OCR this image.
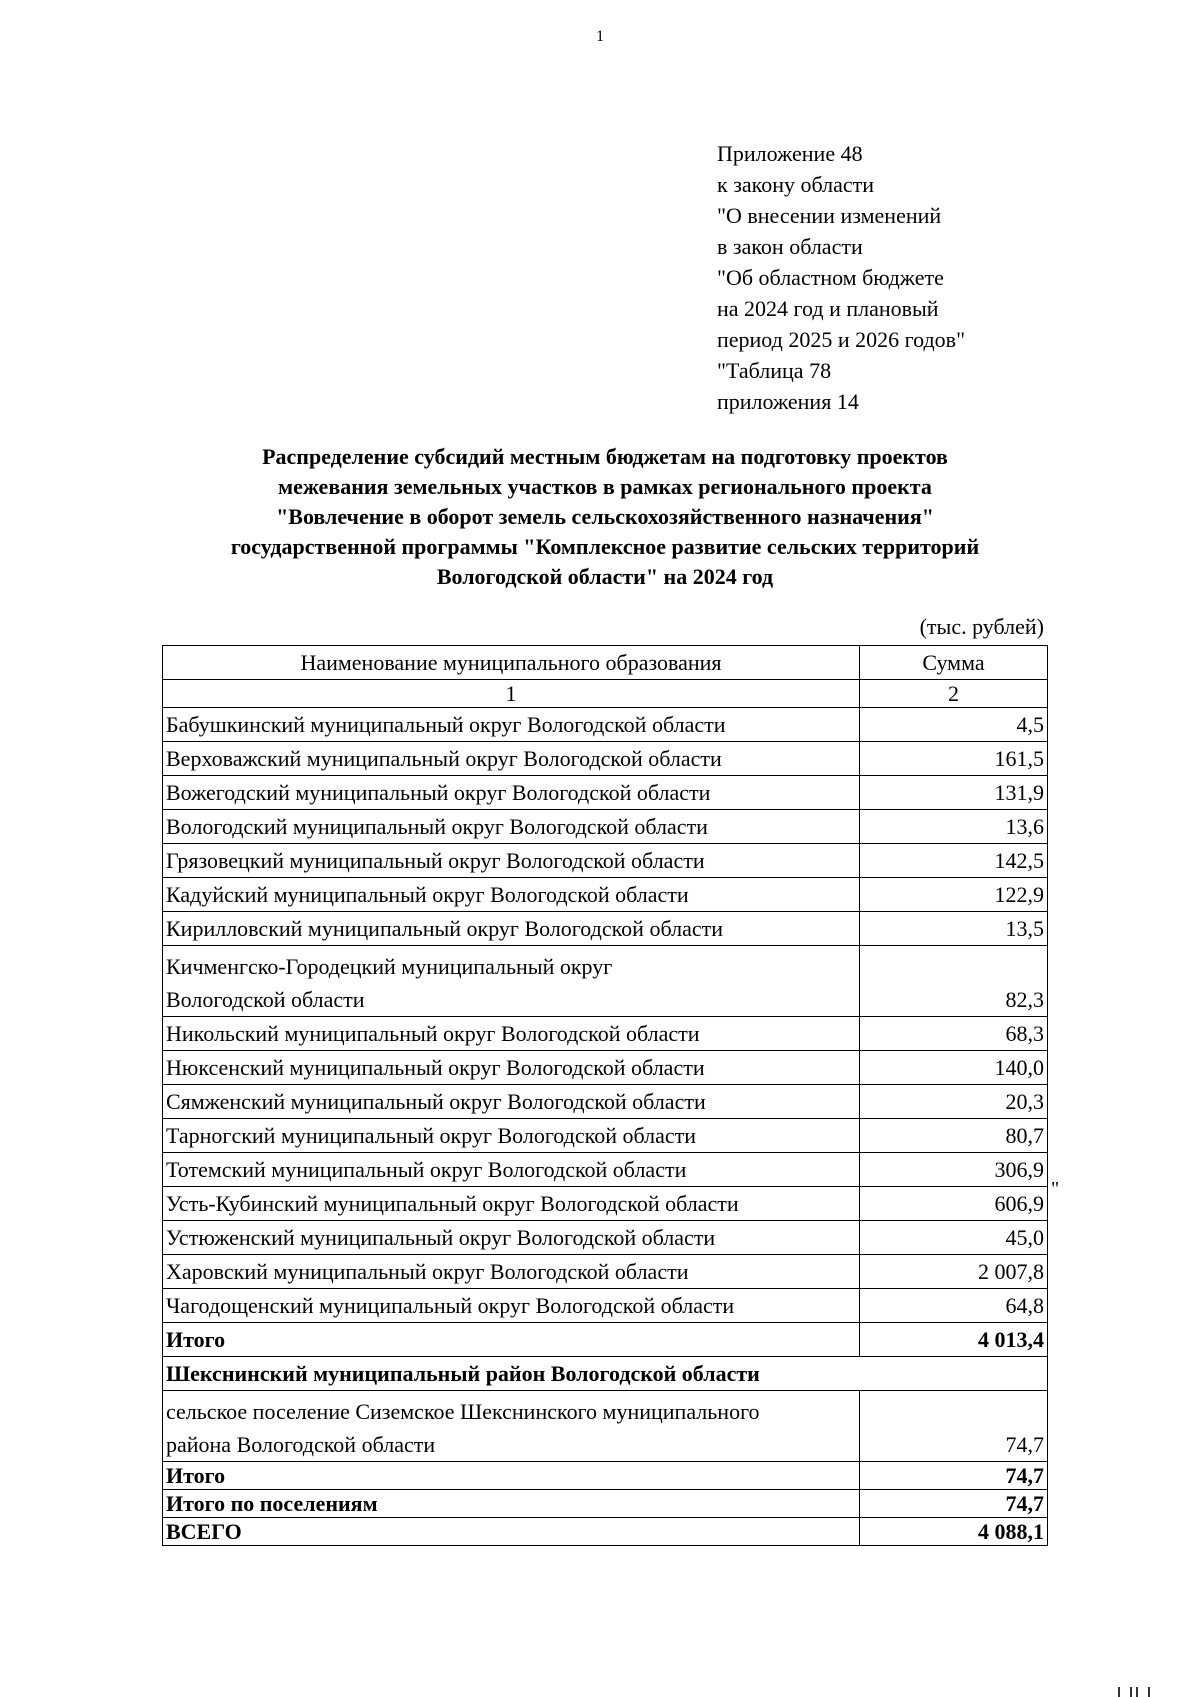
1
Приложение 48
к закону области
"О внесении изменений
в закон области
"Об областном бюджете
на 2024 год и плановый
период 2025 и 2026 годов"
"Таблица 78
приложения 14
Распределение субсидий местным бюджетам на подготовку проектов
межевания земельных участков в рамках регионального проекта
"Вовлечение в оборот земель сельскохозяйственного назначения"
государственной программы "Комплексное развитие сельских территорий
Вологодской области" на 2024 год
(тыс. рублей)
Наименование муниципального образования	Сумма
1	2
Бабушкинский муниципальный округ Вологодской области	4,5
Верховажский муниципальный округ Вологодской области	161,5
Вожегодский муниципальный округ Вологодской области	131,9
Вологодский муниципальный округ Вологодской области	13,6
Грязовецкий муниципальный округ Вологодской области	142,5
Кадуйский муниципальный округ Вологодской области	122,9
Кирилловский муниципальный округ Вологодской области	13,5

Кичменгско-Городецкий муниципальный округ
Вологодской области	82,3
Никольский муниципальный округ Вологодской области	68,3
Нюксенский муниципальный округ Вологодской области	140,0
Сямженский муниципальный округ Вологодской области	20,3
Тарногский муниципальный округ Вологодской области	80,7
Тотемский муниципальный округ Вологодской области	306,9
Усть-Кубинский муниципальный округ Вологодской области	606,9
Устюженский муниципальный округ Вологодской области	45,0
Харовский муниципальный округ Вологодской области	2 007,8
Чагодощенский муниципальный округ Вологодской области	64,8
Итого	4 013,4
Шекснинский муниципальный район Вологодской области	

сельское поселение Сиземское Шекснинского муниципального
района Вологодской области	74,7
Итого	74,7
Итого по поселениям	74,7
ВСЕГО	4 088,1
"
